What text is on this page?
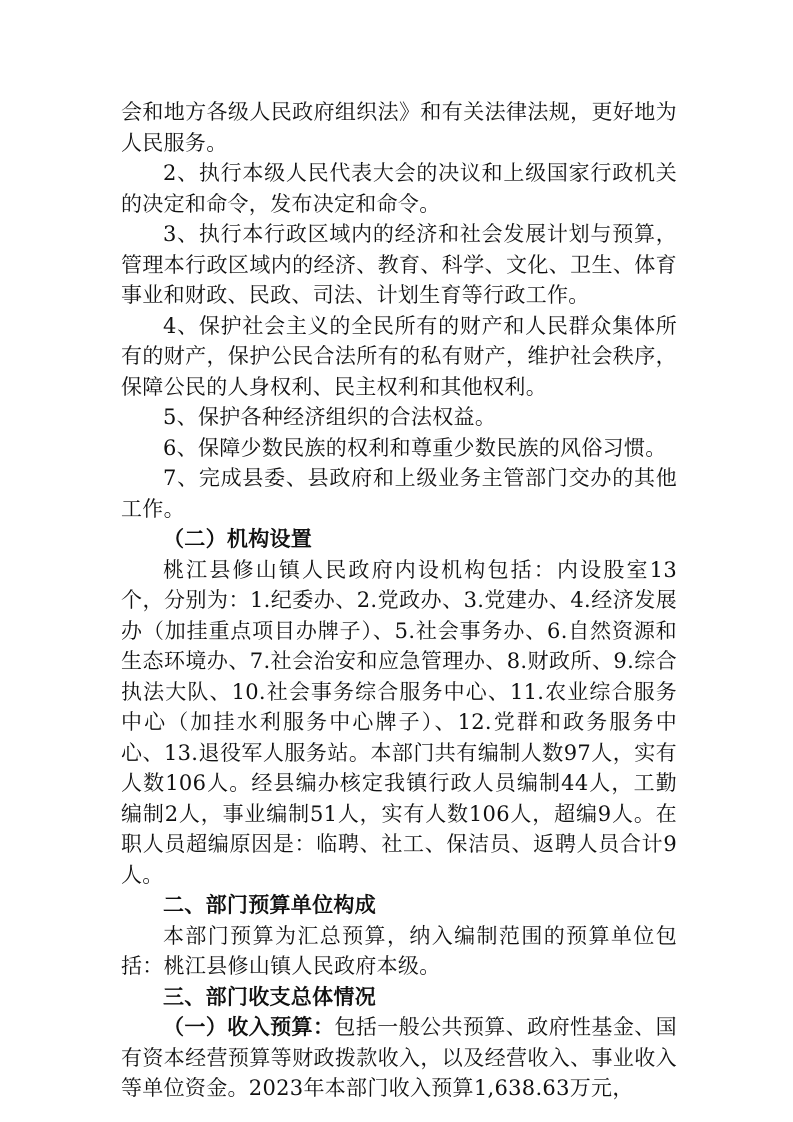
会和地方各级人民政府组织法》和有关法律法规，更好地为人民服务。

2、执行本级人民代表大会的决议和上级国家行政机关的决定和命令，发布决定和命令。

3、执行本行政区域内的经济和社会发展计划与预算，管理本行政区域内的经济、教育、科学、文化、卫生、体育事业和财政、民政、司法、计划生育等行政工作。

4、保护社会主义的全民所有的财产和人民群众集体所有的财产，保护公民合法所有的私有财产，维护社会秩序，保障公民的人身权利、民主权利和其他权利。

5、保护各种经济组织的合法权益。

6、保障少数民族的权利和尊重少数民族的风俗习惯。

7、完成县委、县政府和上级业务主管部门交办的其他工作。

（二）机构设置

桃江县修山镇人民政府内设机构包括：内设股室13个，分别为：1.纪委办、2.党政办、3.党建办、4.经济发展办（加挂重点项目办牌子）、5.社会事务办、6.自然资源和生态环境办、7.社会治安和应急管理办、8.财政所、9.综合执法大队、10.社会事务综合服务中心、11.农业综合服务中心（加挂水利服务中心牌子）、12.党群和政务服务中心、13.退役军人服务站。本部门共有编制人数97人，实有人数106人。经县编办核定我镇行政人员编制44人，工勤编制2人，事业编制51人，实有人数106人，超编9人。在职人员超编原因是：临聘、社工、保洁员、返聘人员合计9人。

二、部门预算单位构成

本部门预算为汇总预算，纳入编制范围的预算单位包括：桃江县修山镇人民政府本级。

三、部门收支总体情况

（一）收入预算：包括一般公共预算、政府性基金、国有资本经营预算等财政拨款收入，以及经营收入、事业收入等单位资金。2023年本部门收入预算1,638.63万元，
